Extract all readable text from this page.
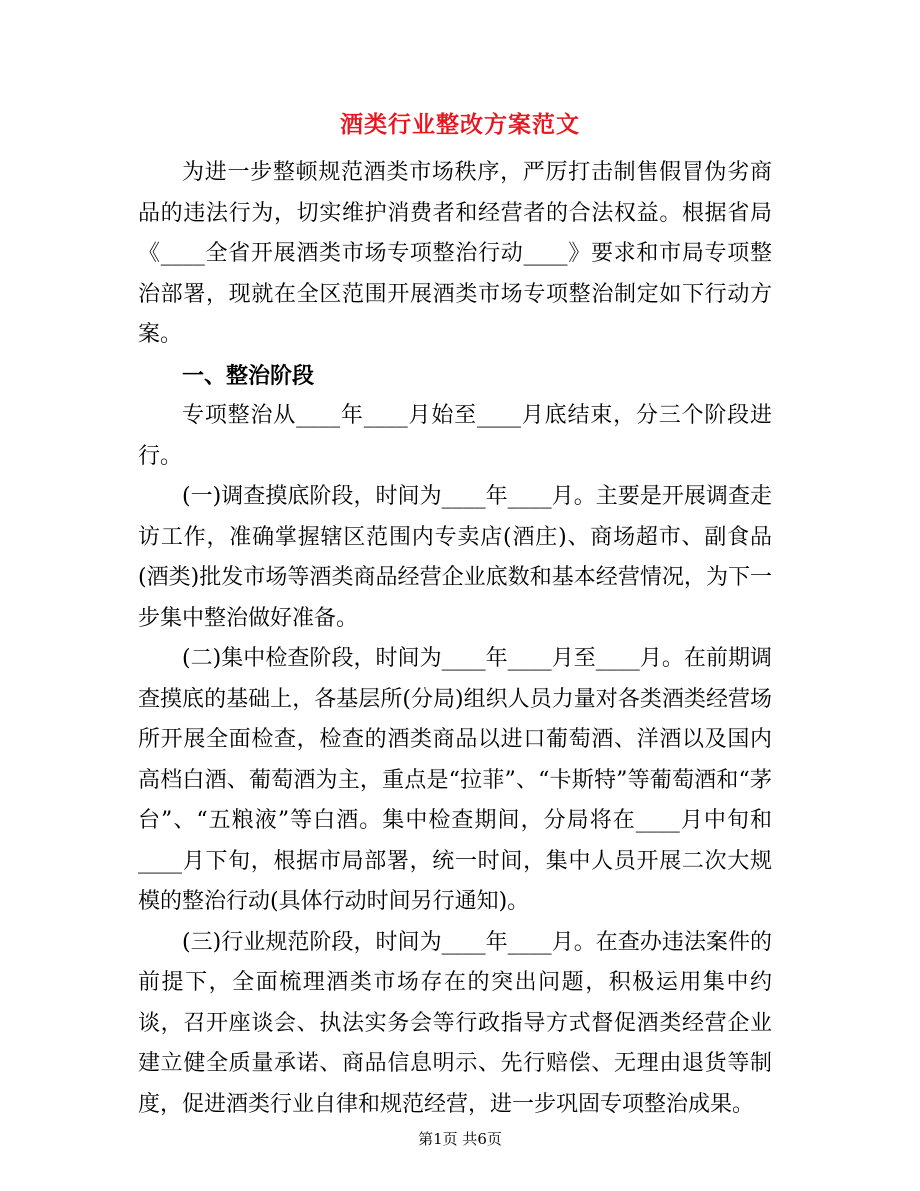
酒类行业整改方案范文

为进一步整顿规范酒类市场秩序，严厉打击制售假冒伪劣商品的违法行为，切实维护消费者和经营者的合法权益。根据省局《____全省开展酒类市场专项整治行动____》要求和市局专项整治部署，现就在全区范围开展酒类市场专项整治制定如下行动方案。

一、整治阶段

专项整治从____年____月始至____月底结束，分三个阶段进行。

(一)调查摸底阶段，时间为____年____月。主要是开展调查走访工作，准确掌握辖区范围内专卖店(酒庄)、商场超市、副食品(酒类)批发市场等酒类商品经营企业底数和基本经营情况，为下一步集中整治做好准备。

(二)集中检查阶段，时间为____年____月至____月。在前期调查摸底的基础上，各基层所(分局)组织人员力量对各类酒类经营场所开展全面检查，检查的酒类商品以进口葡萄酒、洋酒以及国内高档白酒、葡萄酒为主，重点是“拉菲”、“卡斯特”等葡萄酒和“茅台”、“五粮液”等白酒。集中检查期间，分局将在____月中旬和____月下旬，根据市局部署，统一时间，集中人员开展二次大规模的整治行动(具体行动时间另行通知)。

(三)行业规范阶段，时间为____年____月。在查办违法案件的前提下，全面梳理酒类市场存在的突出问题，积极运用集中约谈，召开座谈会、执法实务会等行政指导方式督促酒类经营企业建立健全质量承诺、商品信息明示、先行赔偿、无理由退货等制度，促进酒类行业自律和规范经营，进一步巩固专项整治成果。

第1页 共6页
